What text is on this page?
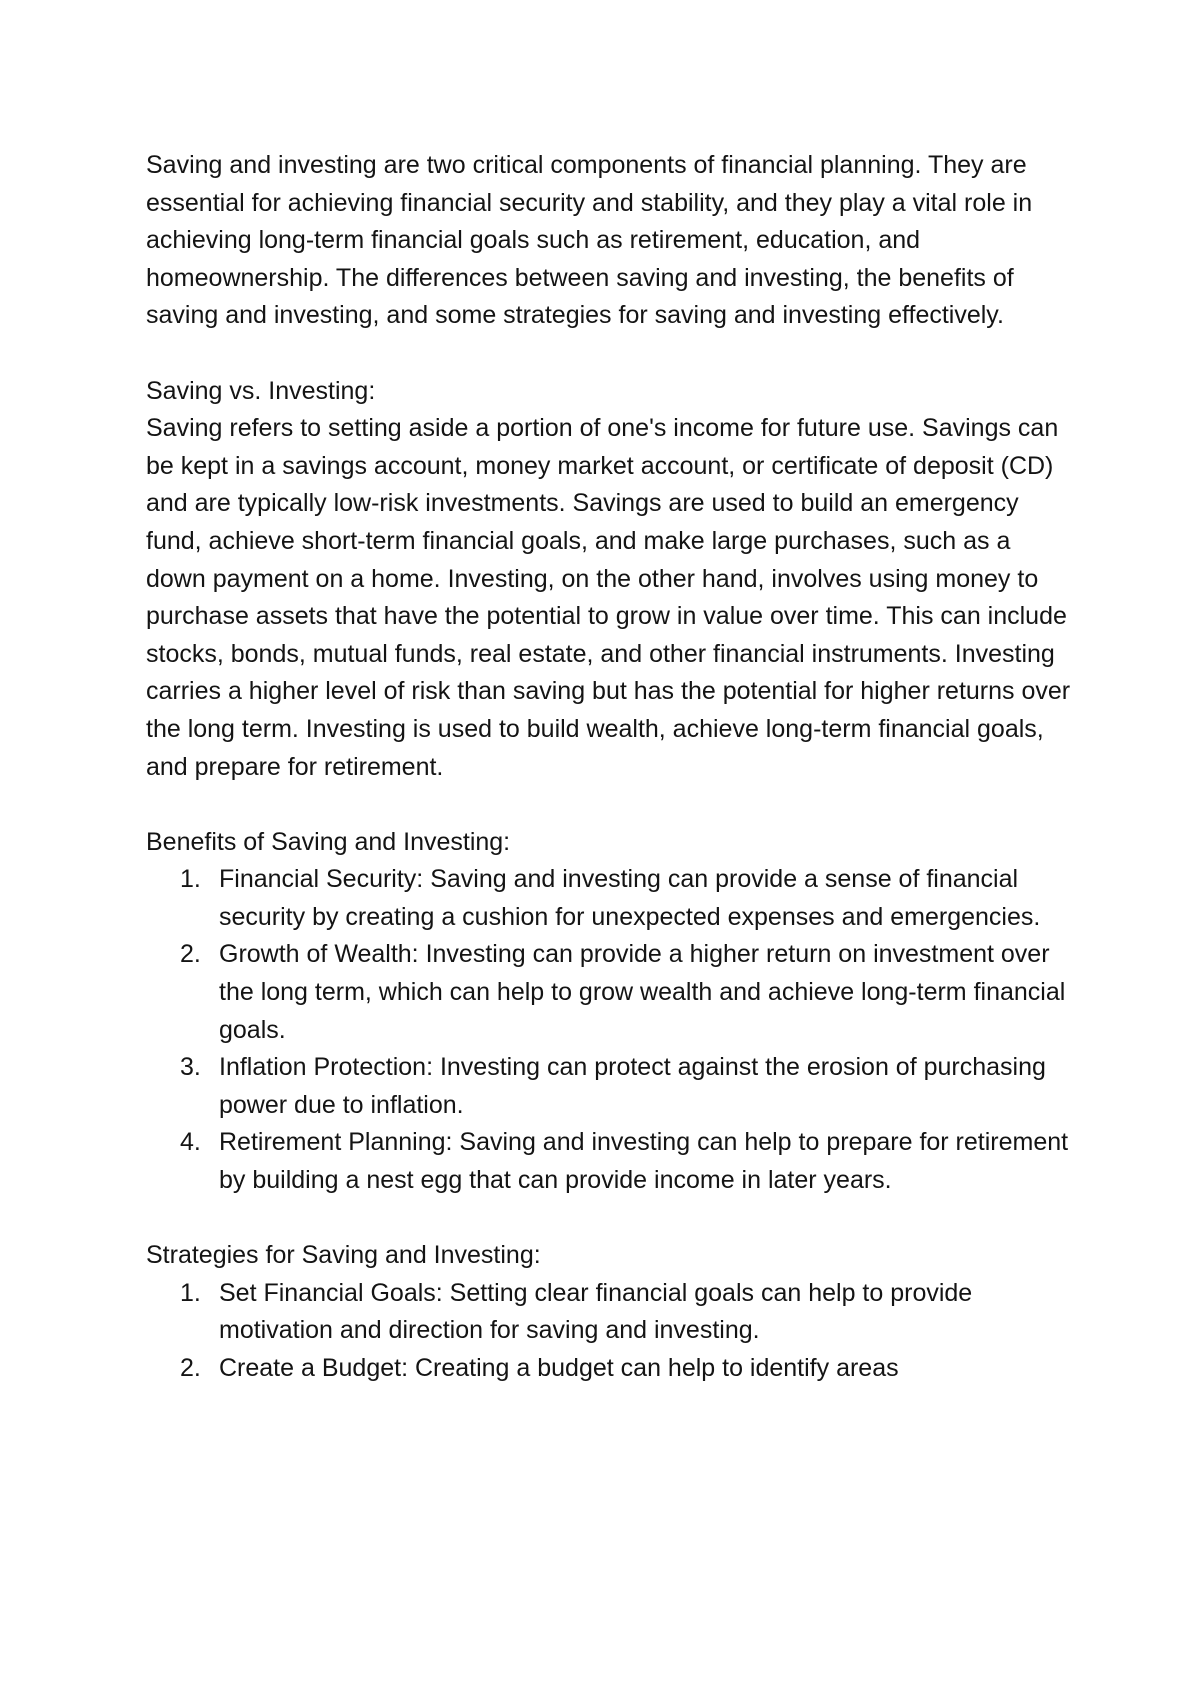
Saving and investing are two critical components of financial planning. They are essential for achieving financial security and stability, and they play a vital role in achieving long-term financial goals such as retirement, education, and homeownership. The differences between saving and investing, the benefits of saving and investing, and some strategies for saving and investing effectively.

Saving vs. Investing:

Saving refers to setting aside a portion of one's income for future use. Savings can be kept in a savings account, money market account, or certificate of deposit (CD) and are typically low-risk investments. Savings are used to build an emergency fund, achieve short-term financial goals, and make large purchases, such as a down payment on a home. Investing, on the other hand, involves using money to purchase assets that have the potential to grow in value over time. This can include stocks, bonds, mutual funds, real estate, and other financial instruments. Investing carries a higher level of risk than saving but has the potential for higher returns over the long term. Investing is used to build wealth, achieve long-term financial goals, and prepare for retirement.

Benefits of Saving and Investing:

1. Financial Security: Saving and investing can provide a sense of financial security by creating a cushion for unexpected expenses and emergencies.
2. Growth of Wealth: Investing can provide a higher return on investment over the long term, which can help to grow wealth and achieve long-term financial goals.
3. Inflation Protection: Investing can protect against the erosion of purchasing power due to inflation.
4. Retirement Planning: Saving and investing can help to prepare for retirement by building a nest egg that can provide income in later years.

Strategies for Saving and Investing:

1. Set Financial Goals: Setting clear financial goals can help to provide motivation and direction for saving and investing.
2. Create a Budget: Creating a budget can help to identify areas
